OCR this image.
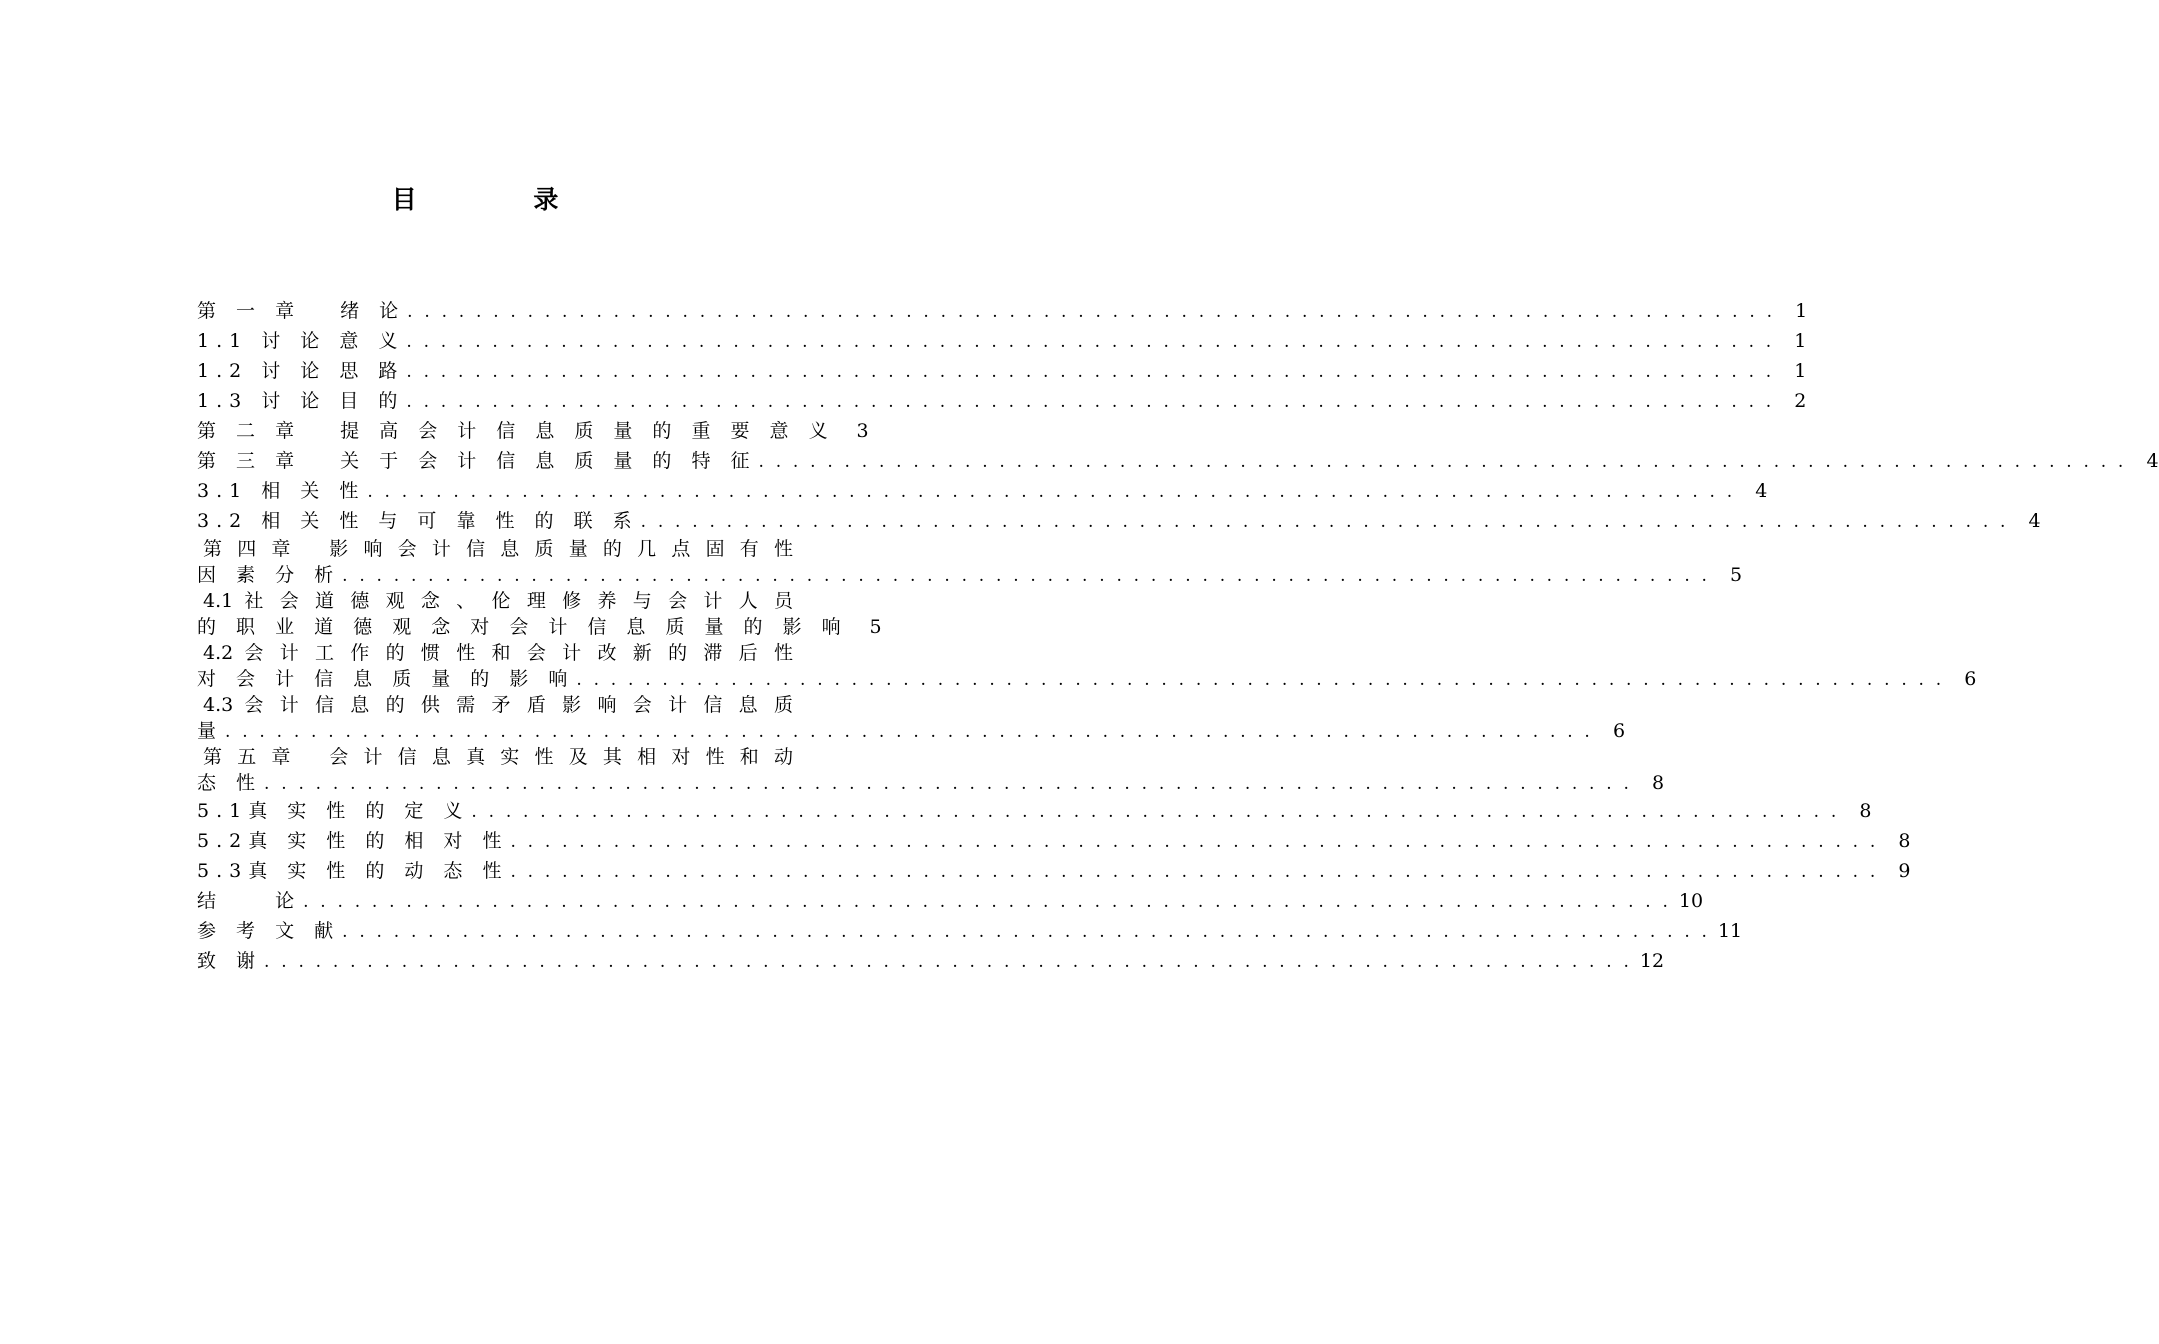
目 录
第 一 章 　绪 论 . . . . . . . . . . . . . . . . . . . . . . . . . . . . . . . . . . . . . . . . . . . . . . . . . . . . . . . . . . . . . . . . . . . . . . . . . . . . . . . .	1
1.1 讨 论 意 义 . . . . . . . . . . . . . . . . . . . . . . . . . . . . . . . . . . . . . . . . . . . . . . . . . . . . . . . . . . . . . . . . . . . . . . . . . . . . . . . .	1
1.2 讨 论 思 路 . . . . . . . . . . . . . . . . . . . . . . . . . . . . . . . . . . . . . . . . . . . . . . . . . . . . . . . . . . . . . . . . . . . . . . . . . . . . . . . .	1
1.3 讨 论 目 的 . . . . . . . . . . . . . . . . . . . . . . . . . . . . . . . . . . . . . . . . . . . . . . . . . . . . . . . . . . . . . . . . . . . . . . . . . . . . . . . .	2
第 二 章 　提 高 会 计 信 息 质 量 的 重 要 意 义	3
第 三 章 　关 于 会 计 信 息 质 量 的 特 征 . . . . . . . . . . . . . . . . . . . . . . . . . . . . . . . . . . . . . . . . . . . . . . . . . . . . . . . . . . . . . . . . . . . . . . . . . . . . . . . .	4
3.1 相 关 性 . . . . . . . . . . . . . . . . . . . . . . . . . . . . . . . . . . . . . . . . . . . . . . . . . . . . . . . . . . . . . . . . . . . . . . . . . . . . . . . .	4
3.2 相 关 性 与 可 靠 性 的 联 系 . . . . . . . . . . . . . . . . . . . . . . . . . . . . . . . . . . . . . . . . . . . . . . . . . . . . . . . . . . . . . . . . . . . . . . . . . . . . . . . .	4
第 四 章 　影 响 会 计 信 息 质 量 的 几 点 固 有 性
因 素 分 析 . . . . . . . . . . . . . . . . . . . . . . . . . . . . . . . . . . . . . . . . . . . . . . . . . . . . . . . . . . . . . . . . . . . . . . . . . . . . . . . .	5
4.1 社 会 道 德 观 念 、 伦 理 修 养 与 会 计 人 员
的 职 业 道 德 观 念 对 会 计 信 息 质 量 的 影 响	5
4.2 会 计 工 作 的 惯 性 和 会 计 改 新 的 滞 后 性
对 会 计 信 息 质 量 的 影 响 . . . . . . . . . . . . . . . . . . . . . . . . . . . . . . . . . . . . . . . . . . . . . . . . . . . . . . . . . . . . . . . . . . . . . . . . . . . . . . . .	6
4.3 会 计 信 息 的 供 需 矛 盾 影 响 会 计 信 息 质
量 . . . . . . . . . . . . . . . . . . . . . . . . . . . . . . . . . . . . . . . . . . . . . . . . . . . . . . . . . . . . . . . . . . . . . . . . . . . . . . . .	6
第 五 章 　会 计 信 息 真 实 性 及 其 相 对 性 和 动
态 性 . . . . . . . . . . . . . . . . . . . . . . . . . . . . . . . . . . . . . . . . . . . . . . . . . . . . . . . . . . . . . . . . . . . . . . . . . . . . . . . .	8
5.1真 实 性 的 定 义 . . . . . . . . . . . . . . . . . . . . . . . . . . . . . . . . . . . . . . . . . . . . . . . . . . . . . . . . . . . . . . . . . . . . . . . . . . . . . . . .	8
5.2真 实 性 的 相 对 性 . . . . . . . . . . . . . . . . . . . . . . . . . . . . . . . . . . . . . . . . . . . . . . . . . . . . . . . . . . . . . . . . . . . . . . . . . . . . . . . .	8
5.3真 实 性 的 动 态 性 . . . . . . . . . . . . . . . . . . . . . . . . . . . . . . . . . . . . . . . . . . . . . . . . . . . . . . . . . . . . . . . . . . . . . . . . . . . . . . . .	9
结 　 论 . . . . . . . . . . . . . . . . . . . . . . . . . . . . . . . . . . . . . . . . . . . . . . . . . . . . . . . . . . . . . . . . . . . . . . . . . . . . . . . . 10
参 考 文 献 . . . . . . . . . . . . . . . . . . . . . . . . . . . . . . . . . . . . . . . . . . . . . . . . . . . . . . . . . . . . . . . . . . . . . . . . . . . . . . . . 11
致 谢 . . . . . . . . . . . . . . . . . . . . . . . . . . . . . . . . . . . . . . . . . . . . . . . . . . . . . . . . . . . . . . . . . . . . . . . . . . . . . . . . 12
